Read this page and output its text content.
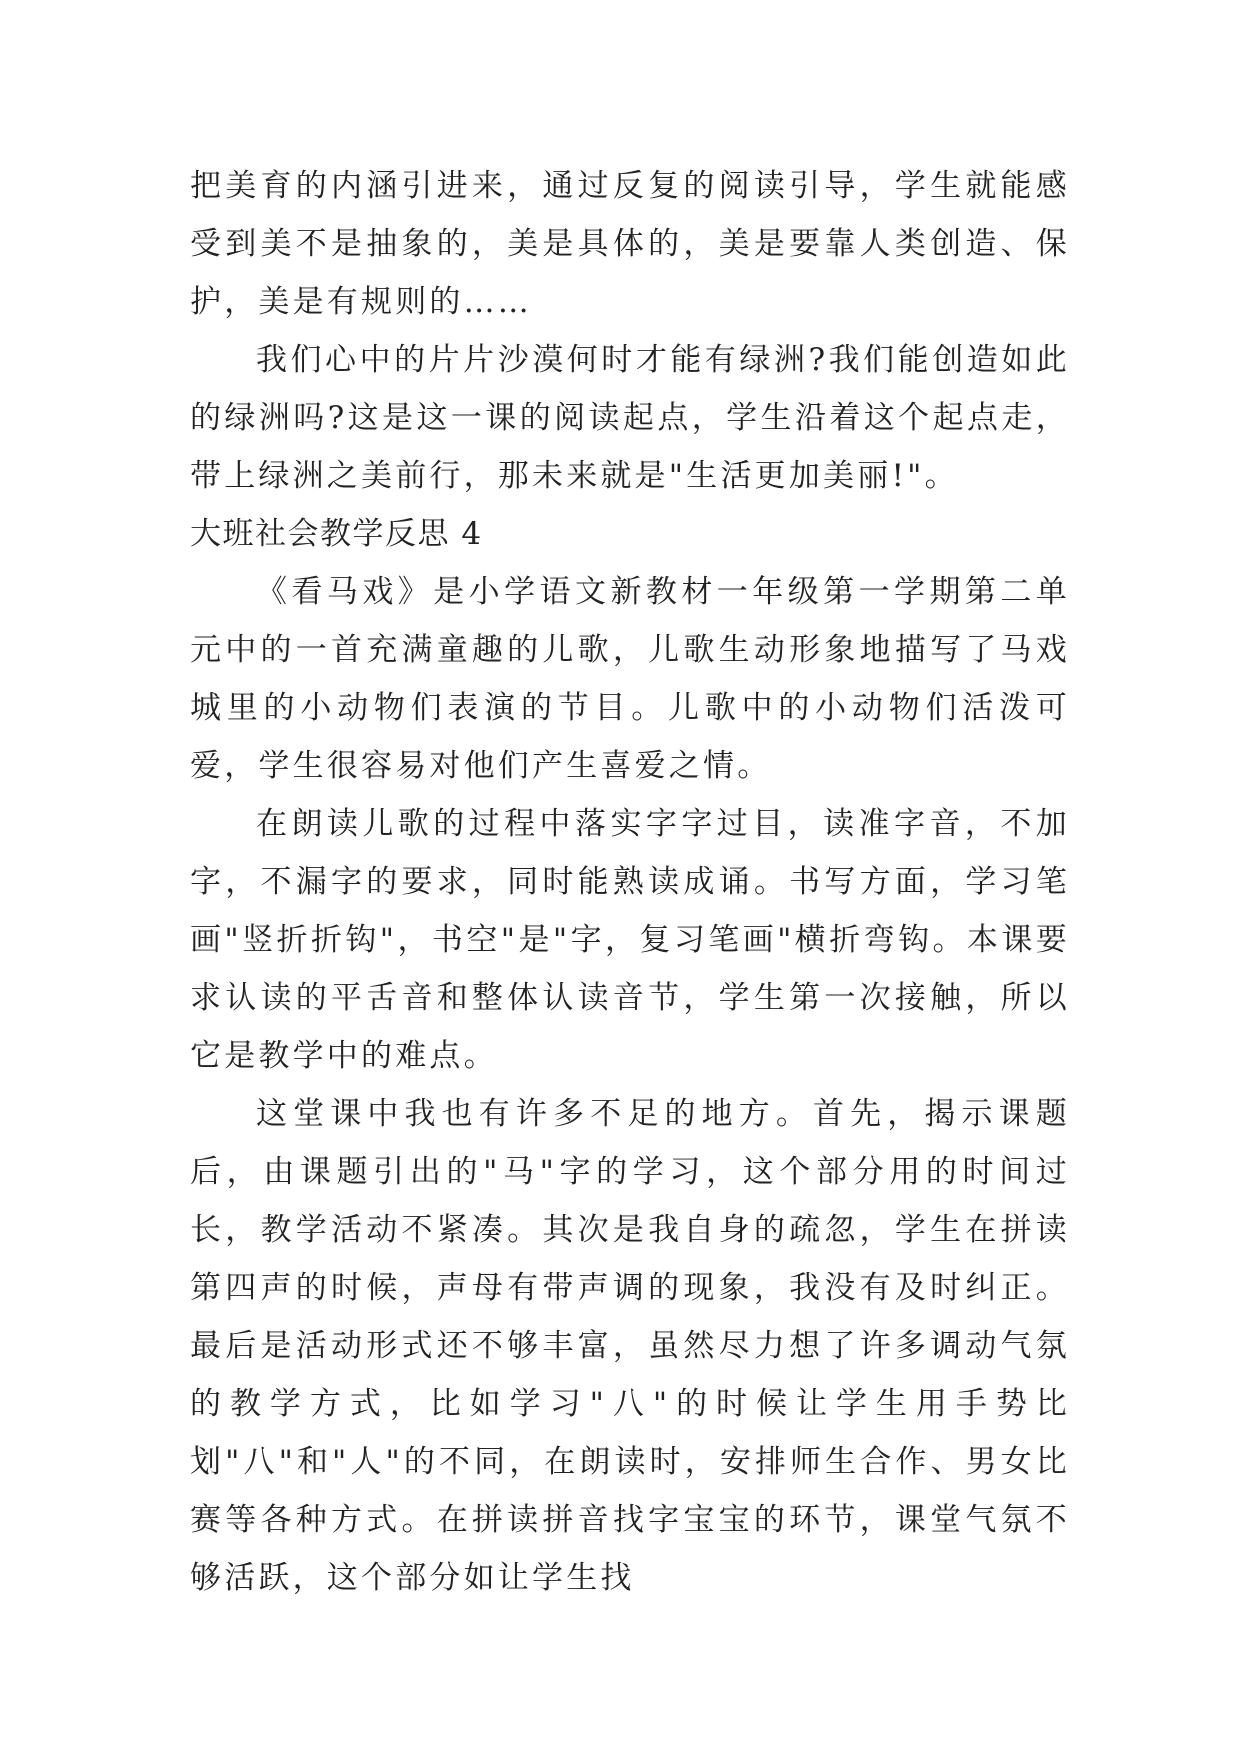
把美育的内涵引进来，通过反复的阅读引导，学生就能感受到美不是抽象的，美是具体的，美是要靠人类创造、保护，美是有规则的……

我们心中的片片沙漠何时才能有绿洲?我们能创造如此的绿洲吗?这是这一课的阅读起点，学生沿着这个起点走，带上绿洲之美前行，那未来就是"生活更加美丽!"。

大班社会教学反思 4

《看马戏》是小学语文新教材一年级第一学期第二单元中的一首充满童趣的儿歌，儿歌生动形象地描写了马戏城里的小动物们表演的节目。儿歌中的小动物们活泼可爱，学生很容易对他们产生喜爱之情。

在朗读儿歌的过程中落实字字过目，读准字音，不加字，不漏字的要求，同时能熟读成诵。书写方面，学习笔画"竖折折钩"，书空"是"字，复习笔画"横折弯钩。本课要求认读的平舌音和整体认读音节，学生第一次接触，所以它是教学中的难点。

这堂课中我也有许多不足的地方。首先，揭示课题后，由课题引出的"马"字的学习，这个部分用的时间过长，教学活动不紧凑。其次是我自身的疏忽，学生在拼读第四声的时候，声母有带声调的现象，我没有及时纠正。最后是活动形式还不够丰富，虽然尽力想了许多调动气氛的教学方式，比如学习"八"的时候让学生用手势比划"八"和"人"的不同，在朗读时，安排师生合作、男女比赛等各种方式。在拼读拼音找字宝宝的环节，课堂气氛不够活跃，这个部分如让学生找
